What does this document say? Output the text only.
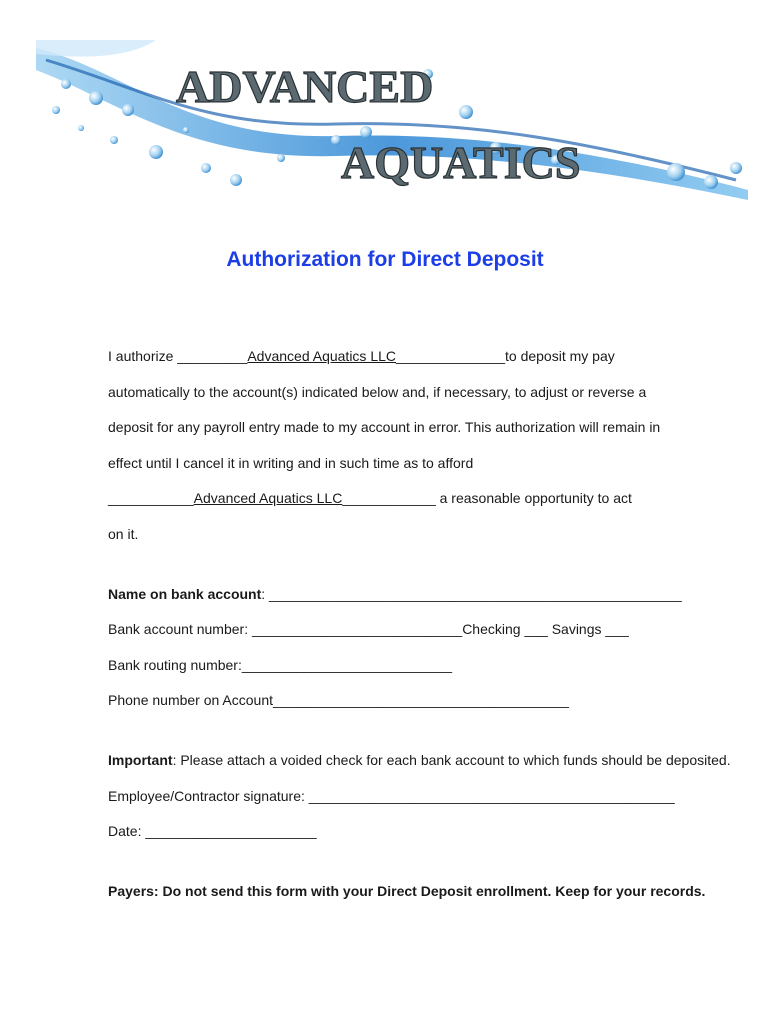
ADVANCED
AQUATICS
Authorization for Direct Deposit
I authorize _________Advanced Aquatics LLC______________to deposit my pay
automatically to the account(s) indicated below and, if necessary, to adjust or reverse a
deposit for any payroll entry made to my account in error. This authorization will remain in
effect until I cancel it in writing and in such time as to afford
___________Advanced Aquatics LLC____________ a reasonable opportunity to act
on it.
Name on bank account: _____________________________________________________
Bank account number: ___________________________Checking ___ Savings ___
Bank routing number:___________________________
Phone number on Account______________________________________
Important: Please attach a voided check for each bank account to which funds should be deposited.
Employee/Contractor signature: _______________________________________________
Date: ______________________
Payers: Do not send this form with your Direct Deposit enrollment. Keep for your records.
